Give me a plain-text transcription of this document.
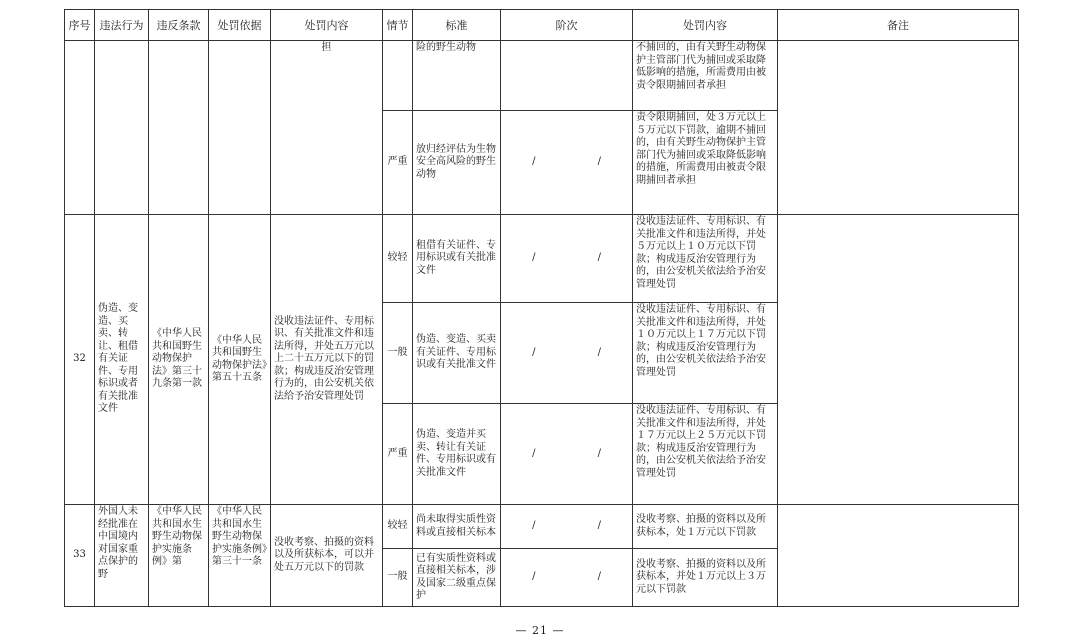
序号	违法行为	违反条款	处罚依据	处罚内容	情节	标准	阶次	处罚内容	备注
				担		险的野生动物		不捕回的，由有关野生动物保护主管部门代为捕回或采取降低影响的措施，所需费用由被责令限期捕回者承担	
					严重	放归经评估为生物安全高风险的野生动物	/ /	责令限期捕回，处３万元以上５万元以下罚款，逾期不捕回的，由有关野生动物保护主管部门代为捕回或采取降低影响的措施，所需费用由被责令限期捕回者承担	
32	伪造、变造、买卖、转让、租借有关证件、专用标识或者有关批准文件	《中华人民共和国野生动物保护法》第三十九条第一款	《中华人民共和国野生动物保护法》第五十五条	没收违法证件、专用标识、有关批准文件和违法所得，并处五万元以上二十五万元以下的罚款；构成违反治安管理行为的，由公安机关依法给予治安管理处罚	较轻	租借有关证件、专用标识或有关批准文件	/ /	没收违法证件、专用标识、有关批准文件和违法所得，并处５万元以上１０万元以下罚款；构成违反治安管理行为的，由公安机关依法给予治安管理处罚	
					一般	伪造、变造、买卖有关证件、专用标识或有关批准文件	/ /	没收违法证件、专用标识、有关批准文件和违法所得，并处１０万元以上１７万元以下罚款；构成违反治安管理行为的，由公安机关依法给予治安管理处罚	
					严重	伪造、变造并买卖、转让有关证件、专用标识或有关批准文件	/ /	没收违法证件、专用标识、有关批准文件和违法所得，并处１７万元以上２５万元以下罚款；构成违反治安管理行为的，由公安机关依法给予治安管理处罚	
33	外国人未经批准在中国境内对国家重点保护的野	《中华人民共和国水生野生动物保护实施条例》第	《中华人民共和国水生野生动物保护实施条例》第三十一条	没收考察、拍摄的资料以及所获标本，可以并处五万元以下的罚款	较轻	尚未取得实质性资料或直接相关标本	/ /	没收考察、拍摄的资料以及所获标本，处１万元以下罚款	
					一般	已有实质性资料或直接相关标本，涉及国家二级重点保护	/ /	没收考察、拍摄的资料以及所获标本，并处１万元以上３万元以下罚款	
— 21 —
